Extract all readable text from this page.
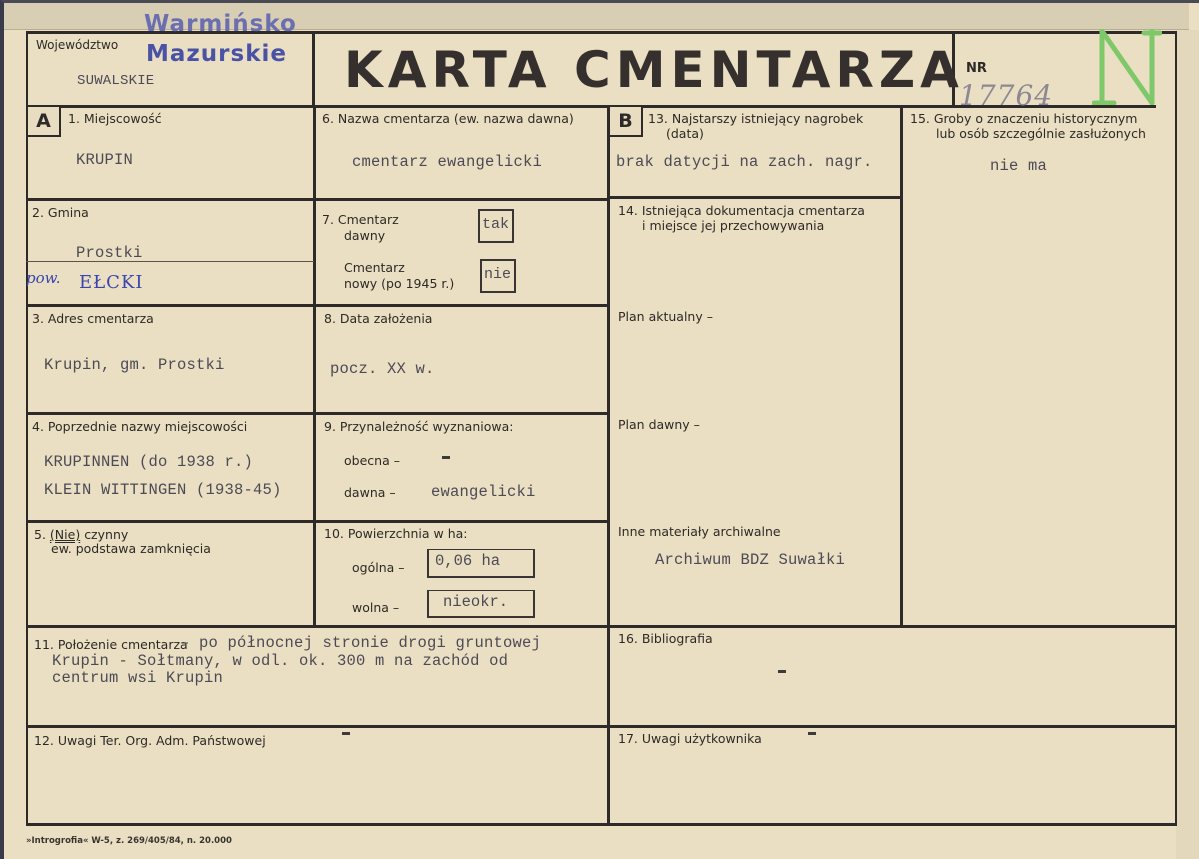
Województwo
Warmińsko
Mazurskie
SUWALSKIE	KARTA CMENTARZA NR
17764
A	1. Miejscowość
KRUPIN
2. Gmina
Prostki
pow. EŁCKI
3. Adres cmentarza
Krupin, gm. Prostki
4. Poprzednie nazwy miejscowości
KRUPINNEN (do 1938 r.)
KLEIN WITTINGEN (1938-45)
5. (Nie) czynny
ew. podstawa zamknięcia
6. Nazwa cmentarza (ew. nazwa dawna)
cmentarz ewangelicki
7. Cmentarz
dawny
tak
Cmentarz
nowy (po 1945 r.)
nie
8. Data założenia
pocz. XX w.
9. Przynależność wyznaniowa:
obecna –
dawna – ewangelicki
10. Powierzchnia w ha:
ogólna –	0,06 ha
wolna –	nieokr.
11. Położenie cmentarza
– po północnej stronie drogi gruntowej
Krupin - Sołtmany, w odl. ok. 300 m na zachód od
centrum wsi Krupin
12. Uwagi Ter. Org. Adm. Państwowej
B	13. Najstarszy istniejący nagrobek
(data)
brak datycji na zach. nagr.
14. Istniejąca dokumentacja cmentarza
i miejsce jej przechowywania
Plan aktualny –
Plan dawny –
Inne materiały archiwalne
Archiwum BDZ Suwałki
15. Groby o znaczeniu historycznym
lub osób szczególnie zasłużonych
nie ma
16. Bibliografia
17. Uwagi użytkownika
»Introgrofia« W-5, z. 269/405/84, n. 20.000
